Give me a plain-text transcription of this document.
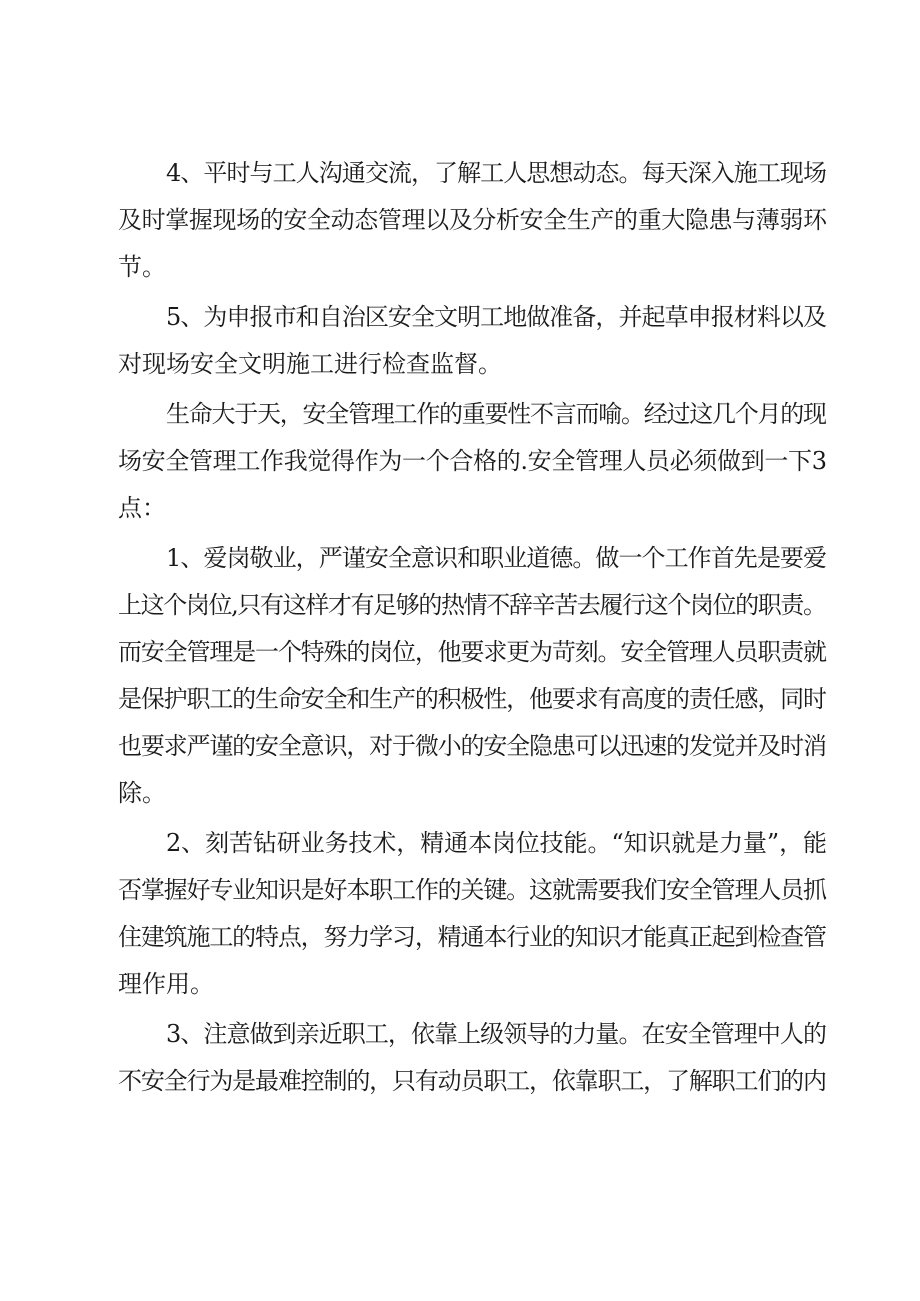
4、平时与工人沟通交流，了解工人思想动态。每天深入施工现场
及时掌握现场的安全动态管理以及分析安全生产的重大隐患与薄弱环
节。
5、为申报市和自治区安全文明工地做准备，并起草申报材料以及
对现场安全文明施工进行检查监督。
生命大于天，安全管理工作的重要性不言而喻。经过这几个月的现
场安全管理工作我觉得作为一个合格的.安全管理人员必须做到一下3
点：
1、爱岗敬业，严谨安全意识和职业道德。做一个工作首先是要爱
上这个岗位,只有这样才有足够的热情不辞辛苦去履行这个岗位的职责。
而安全管理是一个特殊的岗位，他要求更为苛刻。安全管理人员职责就
是保护职工的生命安全和生产的积极性，他要求有高度的责任感，同时
也要求严谨的安全意识，对于微小的安全隐患可以迅速的发觉并及时消
除。
2、刻苦钻研业务技术，精通本岗位技能。“知识就是力量”，能
否掌握好专业知识是好本职工作的关键。这就需要我们安全管理人员抓
住建筑施工的特点，努力学习，精通本行业的知识才能真正起到检查管
理作用。
3、注意做到亲近职工，依靠上级领导的力量。在安全管理中人的
不安全行为是最难控制的，只有动员职工，依靠职工，了解职工们的内
